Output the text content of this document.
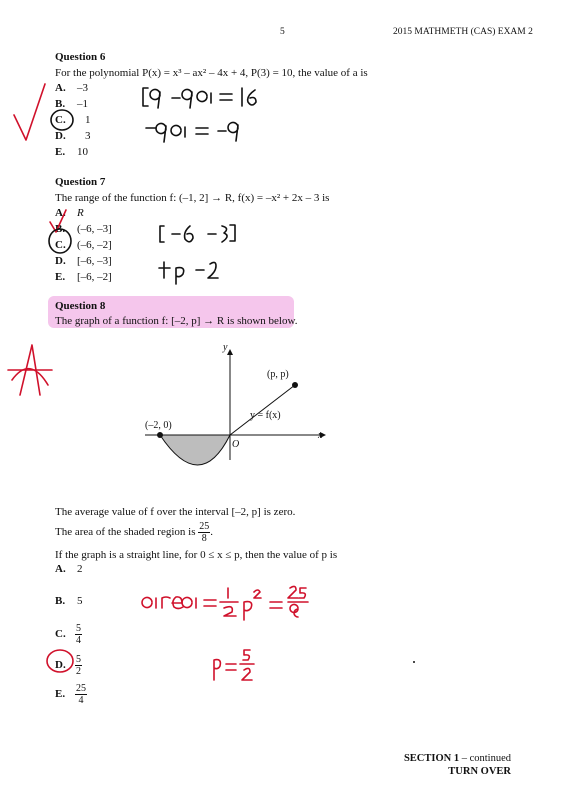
5	2015 MATHMETH (CAS) EXAM 2
Question 6
For the polynomial P(x) = x³ – ax² – 4x + 4, P(3) = 10, the value of a is
A. –3
B. –1
C. 1
D. 3
E. 10
Question 7
The range of the function f: (–1, 2] → R, f(x) = –x² + 2x – 3 is
A. R
B. (–6, –3]
C. (–6, –2]
D. [–6, –3]
E. [–6, –2]
Question 8
The graph of a function f: [–2, p] → R is shown below.
y
x
O
(–2, 0)
(p, p)
y = f(x)
The average value of f over the interval [–2, p] is zero.
The area of the shaded region is $\frac{25}{8}$ .
If the graph is a straight line, for 0 ≤ x ≤ p, then the value of p is
A. 2
B. 5
C. $\frac{5}{4}$
D. $\frac{5}{2}$
E. $\frac{25}{4}$
SECTION 1 – continued
TURN OVER
